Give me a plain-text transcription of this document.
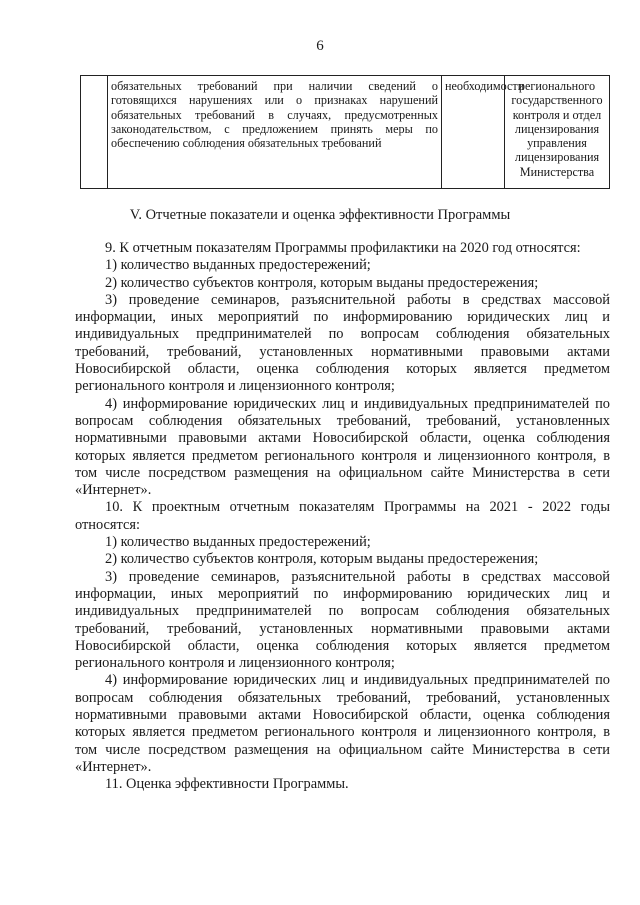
6
	обязательных требований при наличии сведений о готовящихся нарушениях или о признаках нарушений обязательных требований в случаях, предусмотренных законодательством, с предложением принять меры по обеспечению соблюдения обязательных требований	необходимости	регионального государственного контроля и отдел лицензирования управления лицензирования Министерства
V. Отчетные показатели и оценка эффективности Программы

9. К отчетным показателям Программы профилактики на 2020 год относятся:

1) количество выданных предостережений;

2) количество субъектов контроля, которым выданы предостережения;

3) проведение семинаров, разъяснительной работы в средствах массовой информации, иных мероприятий по информированию юридических лиц и индивидуальных предпринимателей по вопросам соблюдения обязательных требований, требований, установленных нормативными правовыми актами Новосибирской области, оценка соблюдения которых является предметом регионального контроля и лицензионного контроля;

4) информирование юридических лиц и индивидуальных предпринимателей по вопросам соблюдения обязательных требований, требований, установленных нормативными правовыми актами Новосибирской области, оценка соблюдения которых является предметом регионального контроля и лицензионного контроля, в том числе посредством размещения на официальном сайте Министерства в сети «Интернет».

10. К проектным отчетным показателям Программы на 2021 - 2022 годы относятся:

1) количество выданных предостережений;

2) количество субъектов контроля, которым выданы предостережения;

3) проведение семинаров, разъяснительной работы в средствах массовой информации, иных мероприятий по информированию юридических лиц и индивидуальных предпринимателей по вопросам соблюдения обязательных требований, требований, установленных нормативными правовыми актами Новосибирской области, оценка соблюдения которых является предметом регионального контроля и лицензионного контроля;

4) информирование юридических лиц и индивидуальных предпринимателей по вопросам соблюдения обязательных требований, требований, установленных нормативными правовыми актами Новосибирской области, оценка соблюдения которых является предметом регионального контроля и лицензионного контроля, в том числе посредством размещения на официальном сайте Министерства в сети «Интернет».

11. Оценка эффективности Программы.
